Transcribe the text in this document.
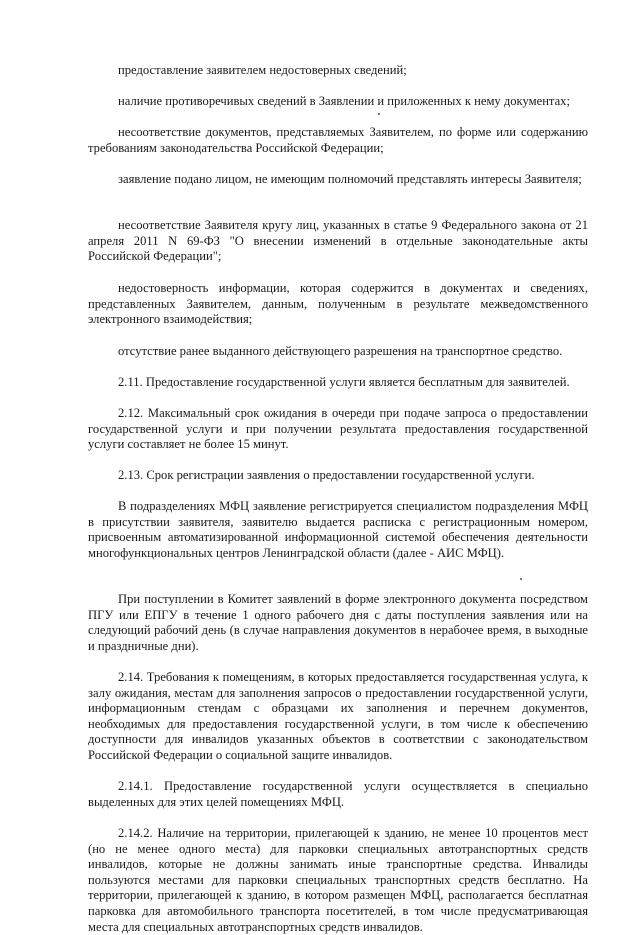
предоставление заявителем недостоверных сведений;

наличие противоречивых сведений в Заявлении и приложенных к нему документах;

несоответствие документов, представляемых Заявителем, по форме или содержанию требованиям законодательства Российской Федерации;

заявление подано лицом, не имеющим полномочий представлять интересы Заявителя;

несоответствие Заявителя кругу лиц, указанных в статье 9 Федерального закона от 21 апреля 2011 N 69-ФЗ "О внесении изменений в отдельные законодательные акты Российской Федерации";

недостоверность информации, которая содержится в документах и сведениях, представленных Заявителем, данным, полученным в результате межведомственного электронного взаимодействия;

отсутствие ранее выданного действующего разрешения на транспортное средство.

2.11. Предоставление государственной услуги является бесплатным для заявителей.

2.12. Максимальный срок ожидания в очереди при подаче запроса о предоставлении государственной услуги и при получении результата предоставления государственной услуги составляет не более 15 минут.

2.13. Срок регистрации заявления о предоставлении государственной услуги.

В подразделениях МФЦ заявление регистрируется специалистом подразделения МФЦ в присутствии заявителя, заявителю выдается расписка с регистрационным номером, присвоенным автоматизированной информационной системой обеспечения деятельности многофункциональных центров Ленинградской области (далее - АИС МФЦ).

При поступлении в Комитет заявлений в форме электронного документа посредством ПГУ или ЕПГУ в течение 1 одного рабочего дня с даты поступления заявления или на следующий рабочий день (в случае направления документов в нерабочее время, в выходные и праздничные дни).

2.14. Требования к помещениям, в которых предоставляется государственная услуга, к залу ожидания, местам для заполнения запросов о предоставлении государственной услуги, информационным стендам с образцами их заполнения и перечнем документов, необходимых для предоставления государственной услуги, в том числе к обеспечению доступности для инвалидов указанных объектов в соответствии с законодательством Российской Федерации о социальной защите инвалидов.

2.14.1. Предоставление государственной услуги осуществляется в специально выделенных для этих целей помещениях МФЦ.

2.14.2. Наличие на территории, прилегающей к зданию, не менее 10 процентов мест (но не менее одного места) для парковки специальных автотранспортных средств инвалидов, которые не должны занимать иные транспортные средства. Инвалиды пользуются местами для парковки специальных транспортных средств бесплатно. На территории, прилегающей к зданию, в котором размещен МФЦ, располагается бесплатная парковка для автомобильного транспорта посетителей, в том числе предусматривающая места для специальных автотранспортных средств инвалидов.
